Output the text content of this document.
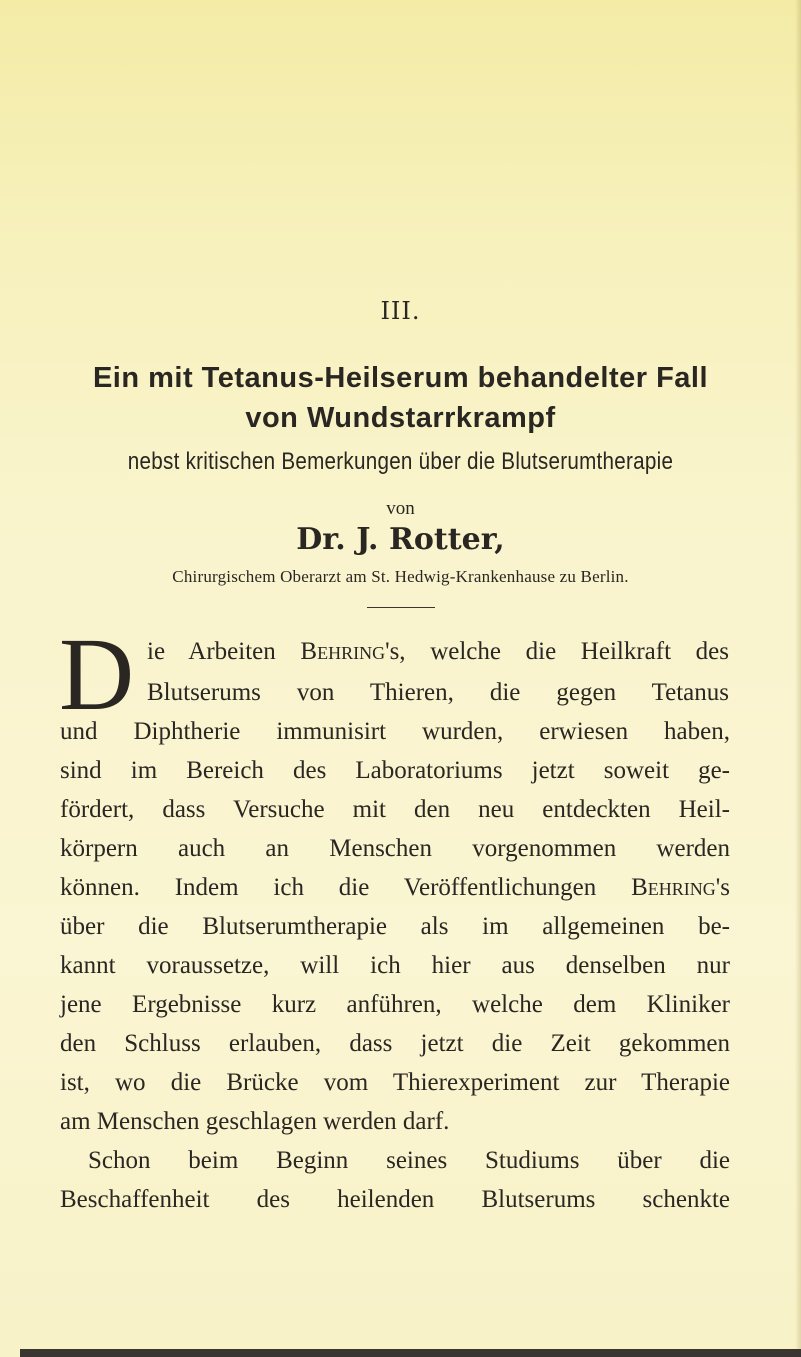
III.
Ein mit Tetanus-Heilserum behandelter Fall
von Wundstarrkrampf
nebst kritischen Bemerkungen über die Blutserumtherapie
von
Dr. J. Rotter,
Chirurgischem Oberarzt am St. Hedwig-Krankenhause zu Berlin.
D ie Arbeiten Behring's, welche die Heilkraft des
Blutserums von Thieren, die gegen Tetanus
und Diphtherie immunisirt wurden, erwiesen haben,
sind im Bereich des Laboratoriums jetzt soweit ge-
fördert, dass Versuche mit den neu entdeckten Heil-
körpern auch an Menschen vorgenommen werden
können. Indem ich die Veröffentlichungen Behring's
über die Blutserumtherapie als im allgemeinen be-
kannt voraussetze, will ich hier aus denselben nur
jene Ergebnisse kurz anführen, welche dem Kliniker
den Schluss erlauben, dass jetzt die Zeit gekommen
ist, wo die Brücke vom Thierexperiment zur Therapie
am Menschen geschlagen werden darf.
Schon beim Beginn seines Studiums über die
Beschaffenheit des heilenden Blutserums schenkte
